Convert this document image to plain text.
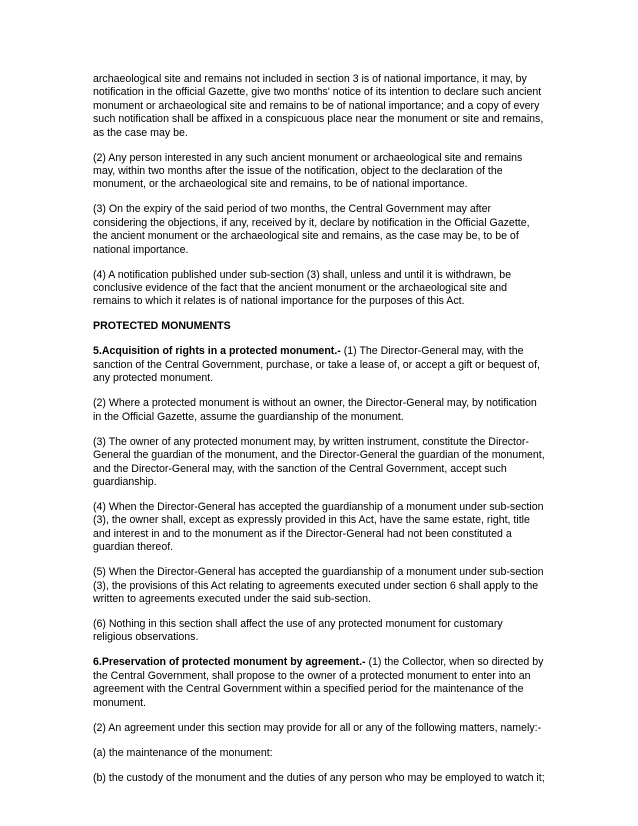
archaeological site and remains not included in section 3 is of national importance, it may, by notification in the official Gazette, give two months' notice of its intention to declare such ancient monument or archaeological site and remains to be of national importance; and a copy of every such notification shall be affixed in a conspicuous place near the monument or site and remains, as the case may be.

(2) Any person interested in any such ancient monument or archaeological site and remains may, within two months after the issue of the notification, object to the declaration of the monument, or the archaeological site and remains, to be of national importance.

(3) On the expiry of the said period of two months, the Central Government may after considering the objections, if any, received by it, declare by notification in the Official Gazette, the ancient monument or the archaeological site and remains, as the case may be, to be of national importance.

(4) A notification published under sub-section (3) shall, unless and until it is withdrawn, be conclusive evidence of the fact that the ancient monument or the archaeological site and remains to which it relates is of national importance for the purposes of this Act.

PROTECTED MONUMENTS

5.Acquisition of rights in a protected monument.- (1) The Director-General may, with the sanction of the Central Government, purchase, or take a lease of, or accept a gift or bequest of, any protected monument.

(2) Where a protected monument is without an owner, the Director-General may, by notification in the Official Gazette, assume the guardianship of the monument.

(3) The owner of any protected monument may, by written instrument, constitute the Director-General the guardian of the monument, and the Director-General the guardian of the monument, and the Director-General may, with the sanction of the Central Government, accept such guardianship.

(4) When the Director-General has accepted the guardianship of a monument under sub-section (3), the owner shall, except as expressly provided in this Act, have the same estate, right, title and interest in and to the monument as if the Director-General had not been constituted a guardian thereof.

(5) When the Director-General has accepted the guardianship of a monument under sub-section (3), the provisions of this Act relating to agreements executed under section 6 shall apply to the written to agreements executed under the said sub-section.

(6) Nothing in this section shall affect the use of any protected monument for customary religious observations.

6.Preservation of protected monument by agreement.- (1) the Collector, when so directed by the Central Government, shall propose to the owner of a protected monument to enter into an agreement with the Central Government within a specified period for the maintenance of the monument.

(2) An agreement under this section may provide for all or any of the following matters, namely:-

(a) the maintenance of the monument:

(b) the custody of the monument and the duties of any person who may be employed to watch it;
